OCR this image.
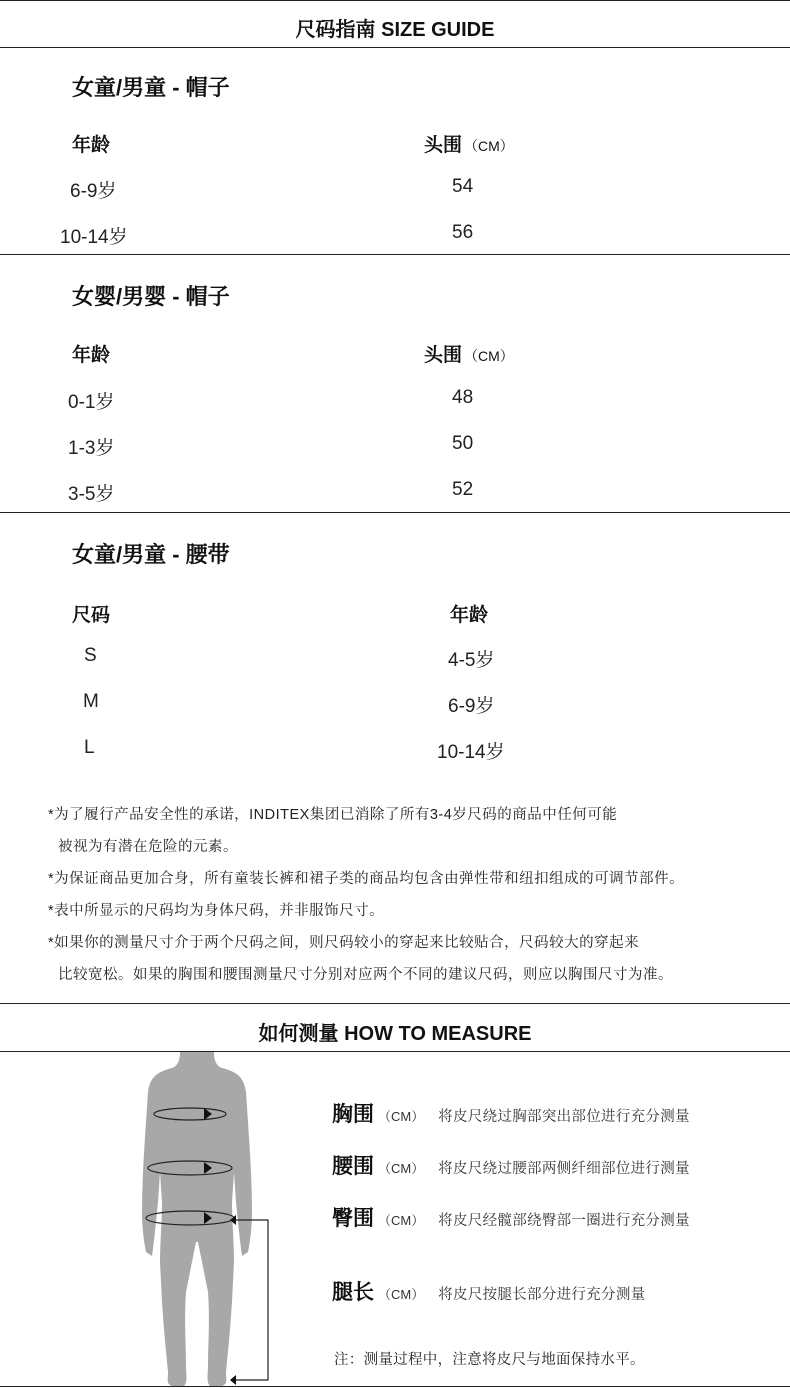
尺码指南 SIZE GUIDE
女童/男童 - 帽子
年龄	头围 （CM）
6-9岁	54
10-14岁	56
女婴/男婴 - 帽子
年龄	头围 （CM）
0-1岁	48
1-3岁	50
3-5岁	52
女童/男童 - 腰带
尺码	年龄
S	4-5岁
M	6-9岁
L	10-14岁
*为了履行产品安全性的承诺，INDITEX集团已消除了所有3-4岁尺码的商品中任何可能
被视为有潜在危险的元素。
*为保证商品更加合身，所有童装长裤和裙子类的商品均包含由弹性带和纽扣组成的可调节部件。
*表中所显示的尺码均为身体尺码，并非服饰尺寸。
*如果你的测量尺寸介于两个尺码之间，则尺码较小的穿起来比较贴合，尺码较大的穿起来
比较宽松。如果的胸围和腰围测量尺寸分别对应两个不同的建议尺码，则应以胸围尺寸为准。
如何测量 HOW TO MEASURE
胸围 （CM） 将皮尺绕过胸部突出部位进行充分测量
腰围 （CM） 将皮尺绕过腰部两侧纤细部位进行测量
臀围 （CM） 将皮尺经髋部绕臀部一圈进行充分测量
腿长 （CM） 将皮尺按腿长部分进行充分测量
注：测量过程中，注意将皮尺与地面保持水平。
